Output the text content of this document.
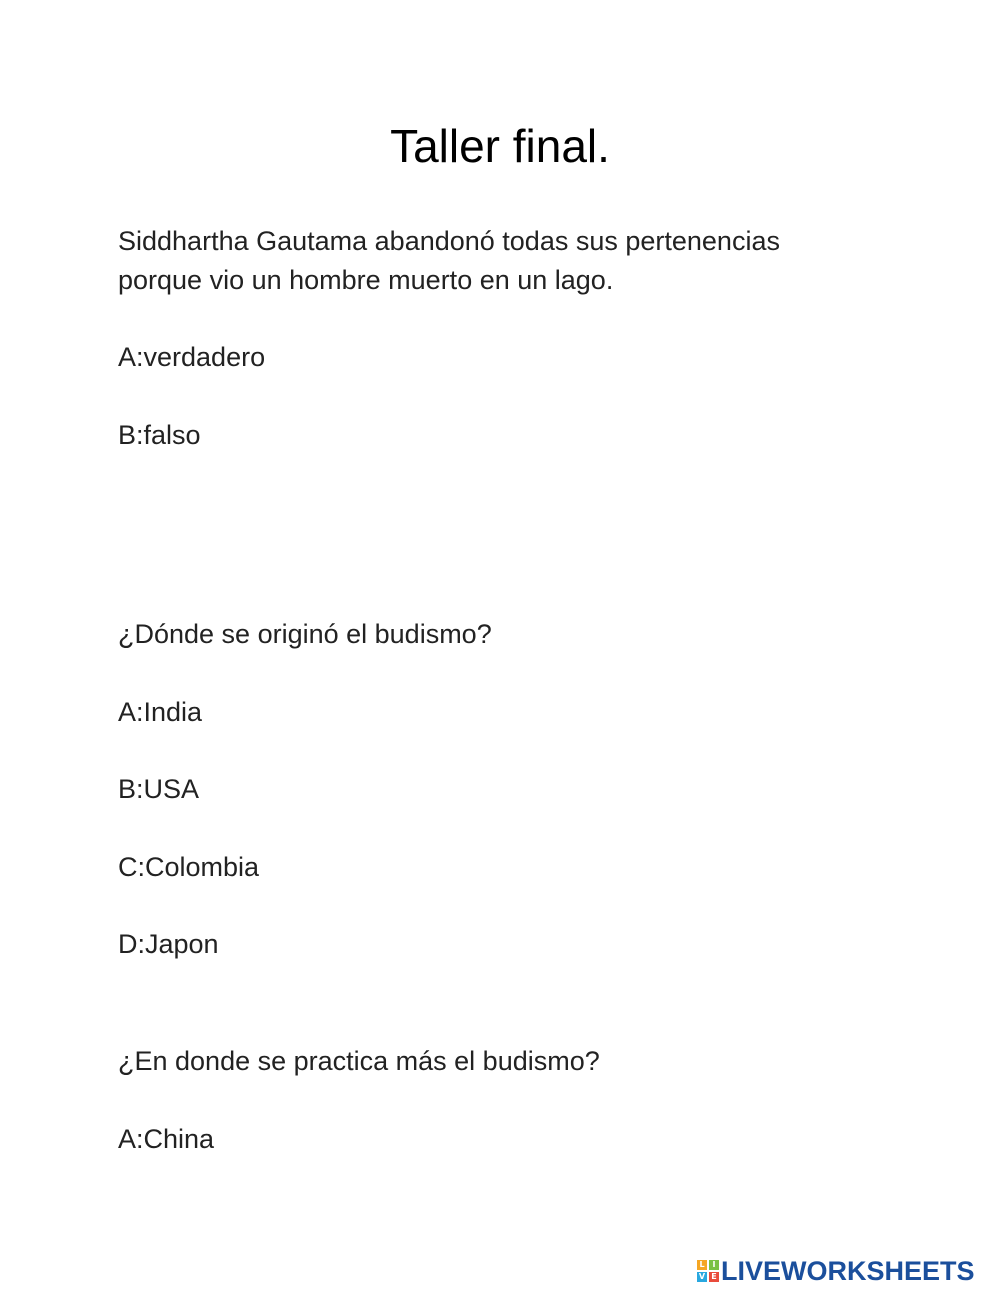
Taller final.
Siddhartha Gautama abandonó todas sus pertenencias
porque vio un hombre muerto en un lago.
A:verdadero
B:falso
¿Dónde se originó el budismo?
A:India
B:USA
C:Colombia
D:Japon
¿En donde se practica más el budismo?
A:China
L I
V E LIVEWORKSHEETS
